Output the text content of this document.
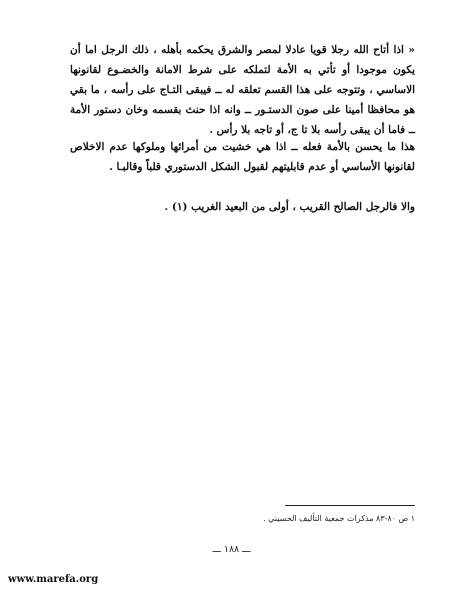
« اذا أتاح الله رجلا قويا عادلا لمصر والشرق يحكمه بأهله ، ذلك الرجل اما أن يكون موجودا أو تأتي به الأمة لتملكه على شرط الامانة والخضـوع لقانونها الاساسي ، وتتوجه على هذا القسم تعلقه له ــ فيبقى التـاج على رأسه ، ما بقي هو محافظا أمينا على صون الدستـور ــ وانه اذا حنث بقسمه وخان دستور الأمة ــ فاما أن يبقى رأسه بلا تا ج، أو تاجه بلا رأس .

هذا ما يحسن بالأمة فعله ــ اذا هي خشيت من أمرائها وملوكها عدم الاخلاص لقانونها الأساسي أو عدم قابليتهم لقبول الشكل الدستوري قلباً وقالبـا .

والا فالرجل الصالح القريب ، أولى من البعيد الغريب (١) .

١ ص ٨٠-٨٣ مذكرات جمعية التأليف الحسيني .
ـــ ١٨٨ ـــ
www.marefa.org
